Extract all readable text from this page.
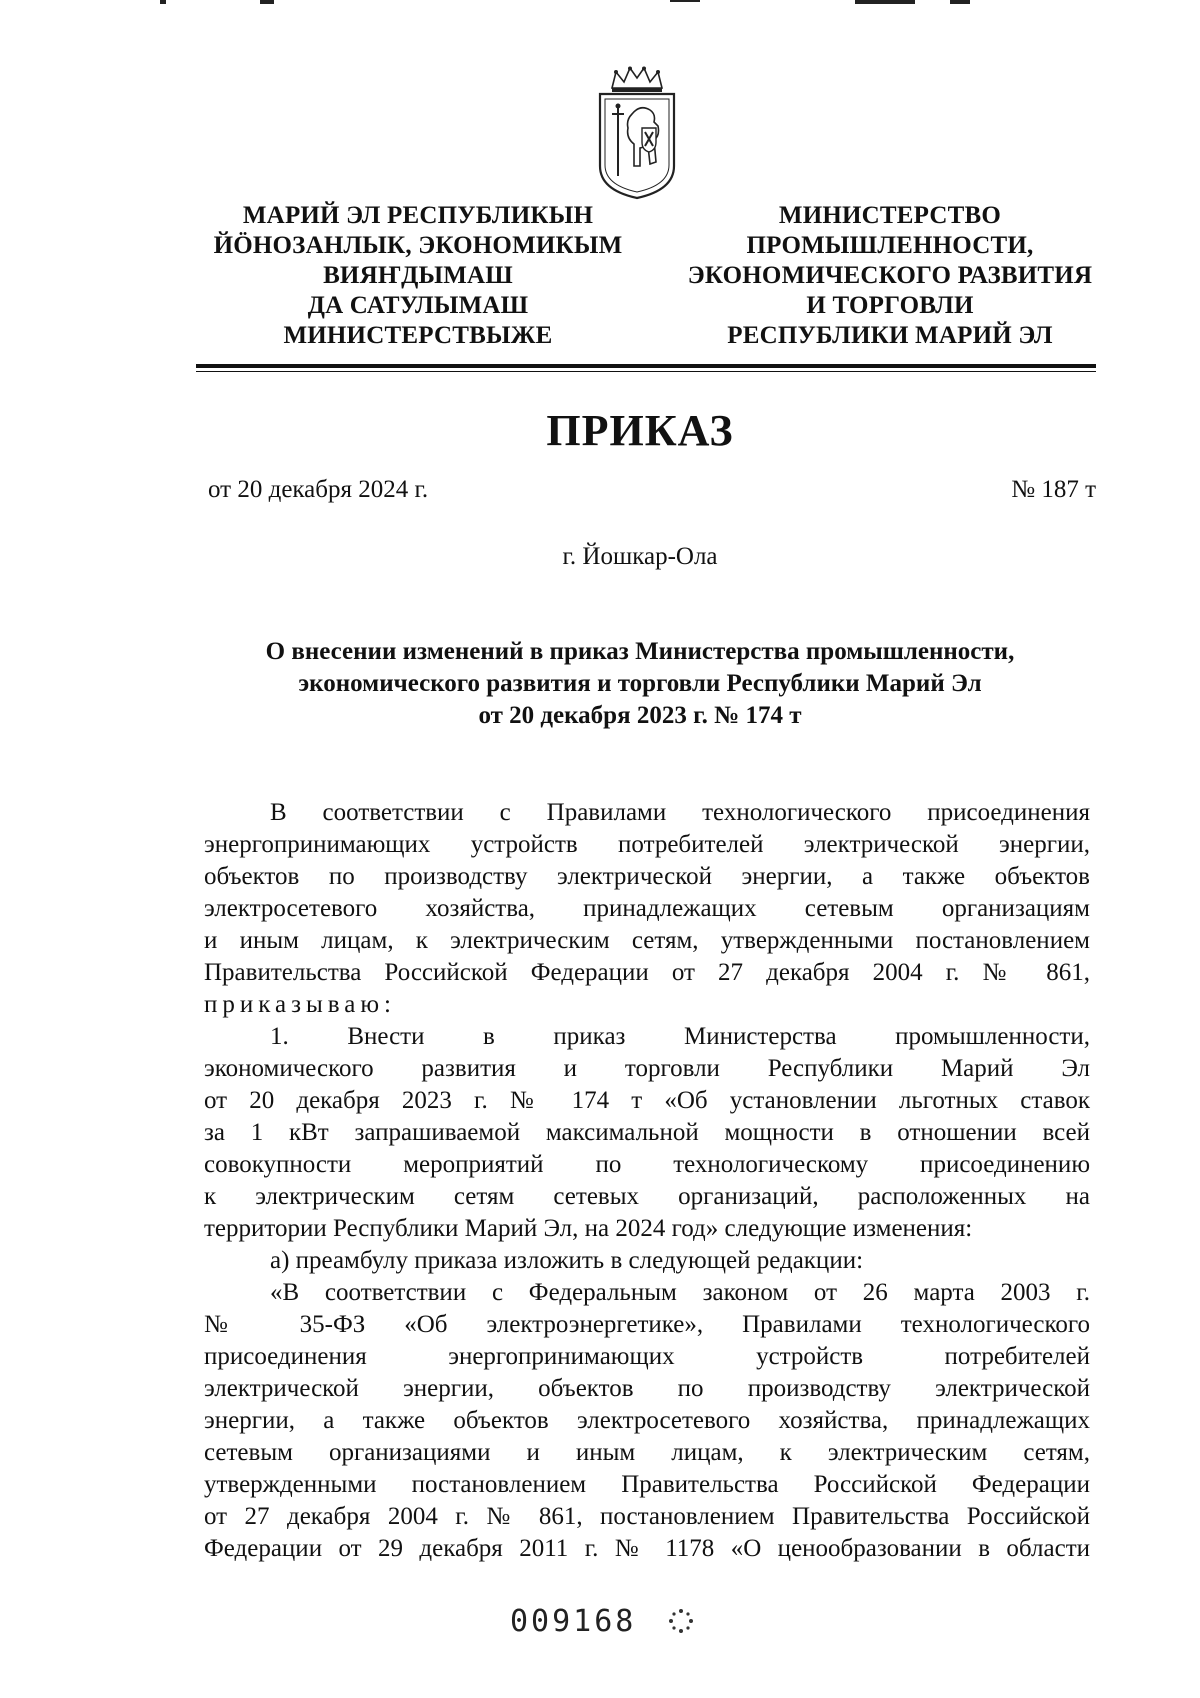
МАРИЙ ЭЛ РЕСПУБЛИКЫН
ЙӦНОЗАНЛЫК, ЭКОНОМИКЫМ
ВИЯҤДЫМАШ
ДА САТУЛЫМАШ
МИНИСТЕРСТВЫЖЕ
МИНИСТЕРСТВО
ПРОМЫШЛЕННОСТИ,
ЭКОНОМИЧЕСКОГО РАЗВИТИЯ
И ТОРГОВЛИ
РЕСПУБЛИКИ МАРИЙ ЭЛ
ПРИКАЗ
от 20 декабря 2024 г.	№ 187 т
г. Йошкар-Ола
О внесении изменений в приказ Министерства промышленности,
экономического развития и торговли Республики Марий Эл
от 20 декабря 2023 г. № 174 т

В соответствии с Правилами технологического присоединения

энергопринимающих устройств потребителей электрической энергии,

объектов по производству электрической энергии, а также объектов

электросетевого хозяйства, принадлежащих сетевым организациям

и иным лицам, к электрическим сетям, утвержденными постановлением

Правительства Российской Федерации от 27 декабря 2004 г. № 861,

приказываю:

1. Внести в приказ Министерства промышленности,

экономического развития и торговли Республики Марий Эл

от 20 декабря 2023 г. № 174 т «Об установлении льготных ставок

за 1 кВт запрашиваемой максимальной мощности в отношении всей

совокупности мероприятий по технологическому присоединению

к электрическим сетям сетевых организаций, расположенных на

территории Республики Марий Эл, на 2024 год» следующие изменения:

а) преамбулу приказа изложить в следующей редакции:

«В соответствии с Федеральным законом от 26 марта 2003 г.

№ 35-ФЗ «Об электроэнергетике», Правилами технологического

присоединения энергопринимающих устройств потребителей

электрической энергии, объектов по производству электрической

энергии, а также объектов электросетевого хозяйства, принадлежащих

сетевым организациями и иным лицам, к электрическим сетям,

утвержденными постановлением Правительства Российской Федерации

от 27 декабря 2004 г. № 861, постановлением Правительства Российской

Федерации от 29 декабря 2011 г. № 1178 «О ценообразовании в области

009168
